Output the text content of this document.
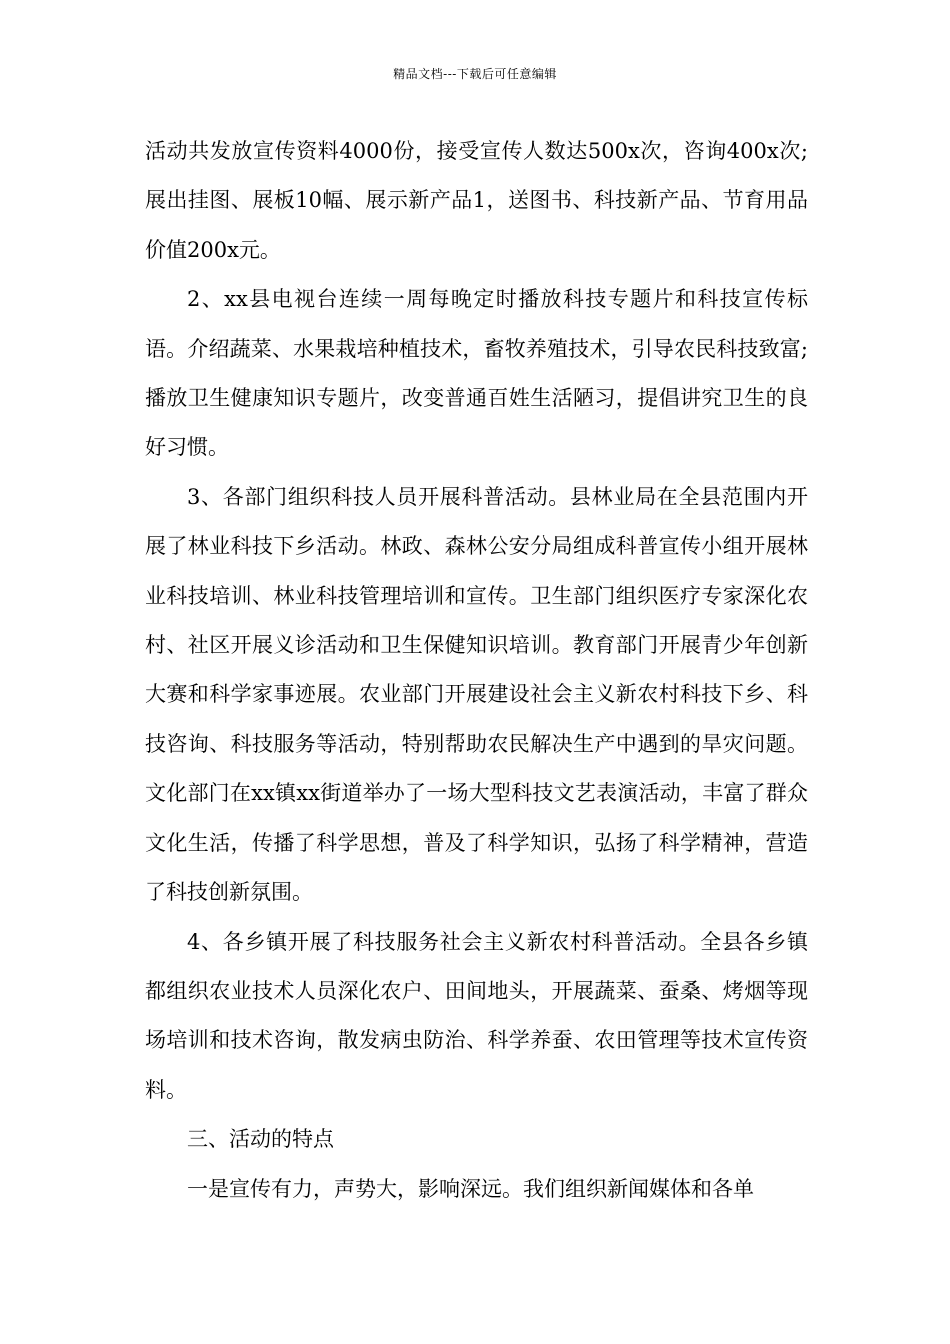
精品文档---下载后可任意编辑

活动共发放宣传资料4000份，接受宣传人数达500x次，咨询400x次;展出挂图、展板10幅、展示新产品1，送图书、科技新产品、节育用品价值200x元。

2、xx县电视台连续一周每晚定时播放科技专题片和科技宣传标语。介绍蔬菜、水果栽培种植技术，畜牧养殖技术，引导农民科技致富;播放卫生健康知识专题片，改变普通百姓生活陋习，提倡讲究卫生的良好习惯。

3、各部门组织科技人员开展科普活动。县林业局在全县范围内开展了林业科技下乡活动。林政、森林公安分局组成科普宣传小组开展林业科技培训、林业科技管理培训和宣传。卫生部门组织医疗专家深化农村、社区开展义诊活动和卫生保健知识培训。教育部门开展青少年创新大赛和科学家事迹展。农业部门开展建设社会主义新农村科技下乡、科技咨询、科技服务等活动，特别帮助农民解决生产中遇到的旱灾问题。文化部门在xx镇xx街道举办了一场大型科技文艺表演活动，丰富了群众文化生活，传播了科学思想，普及了科学知识，弘扬了科学精神，营造了科技创新氛围。

4、各乡镇开展了科技服务社会主义新农村科普活动。全县各乡镇都组织农业技术人员深化农户、田间地头，开展蔬菜、蚕桑、烤烟等现场培训和技术咨询，散发病虫防治、科学养蚕、农田管理等技术宣传资料。

三、活动的特点

一是宣传有力，声势大，影响深远。我们组织新闻媒体和各单
